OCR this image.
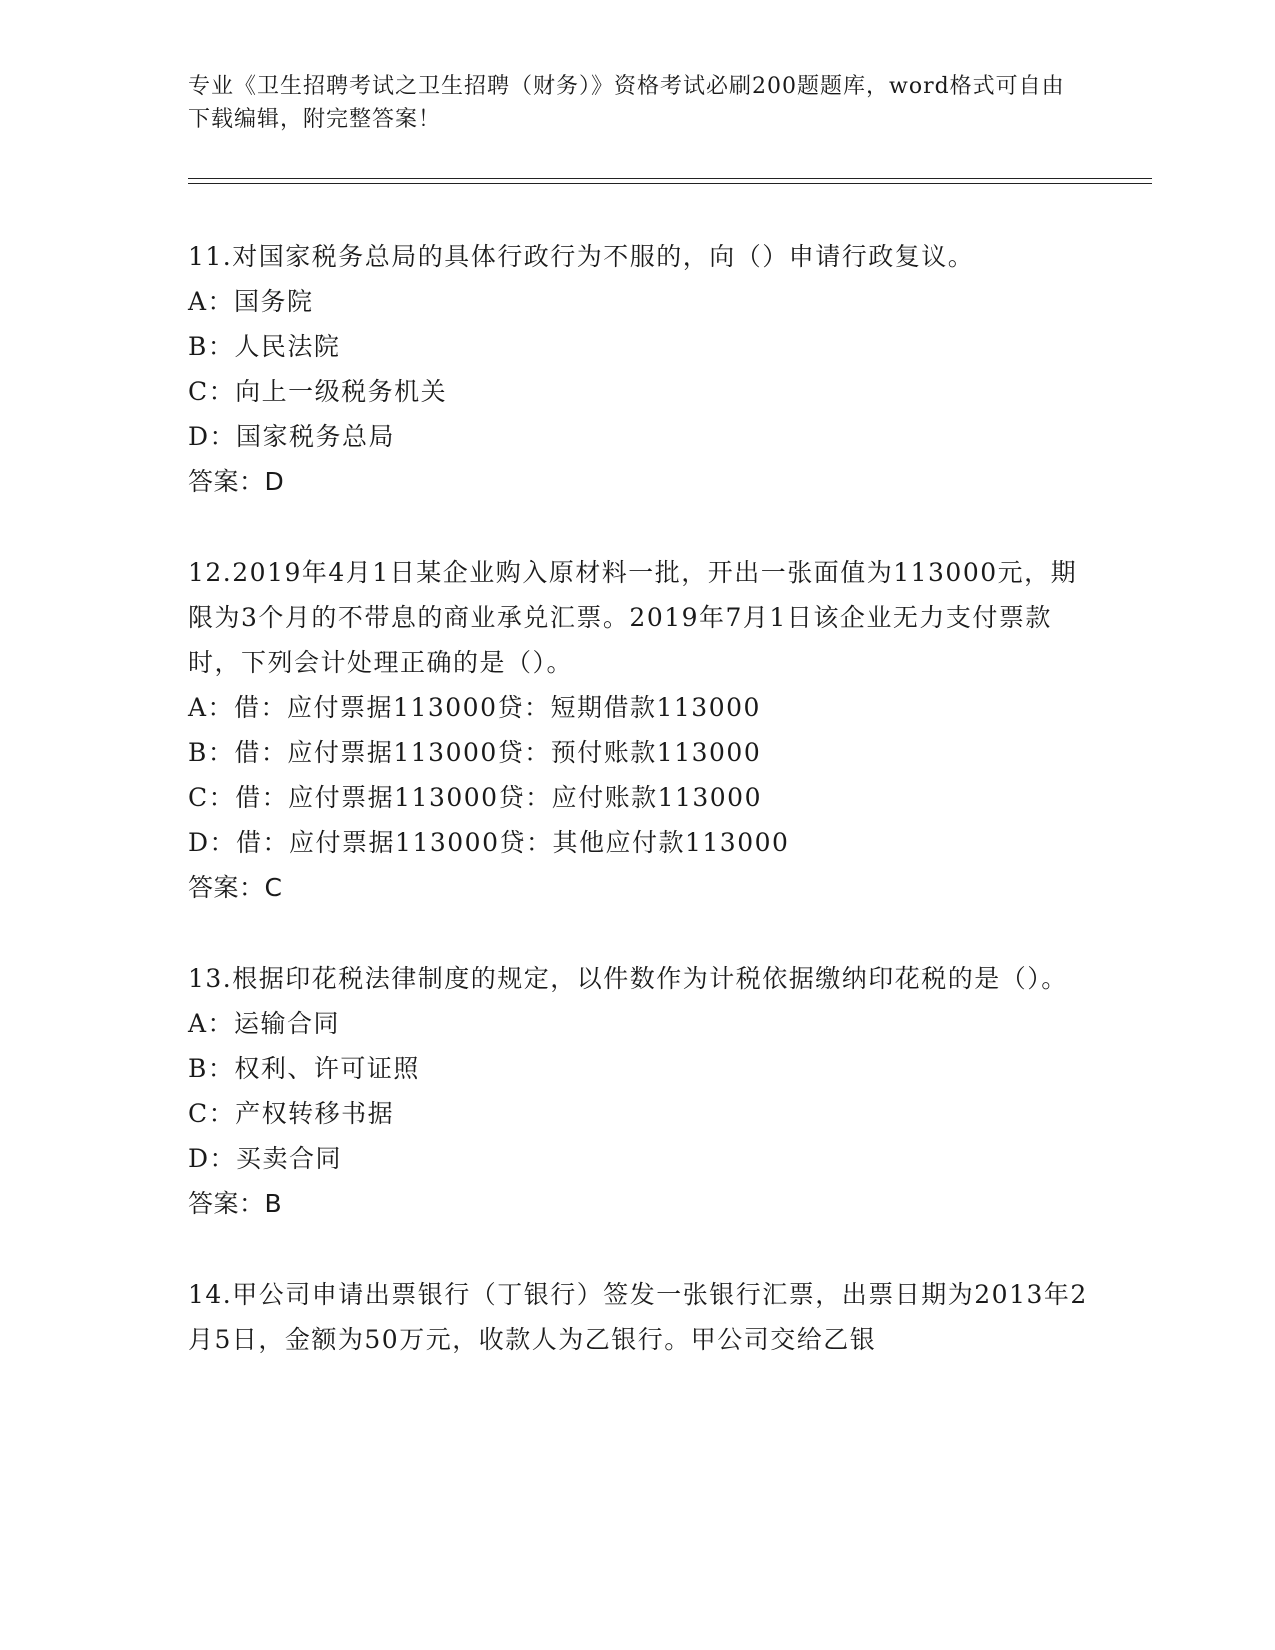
专业《卫生招聘考试之卫生招聘（财务）》资格考试必刷200题题库，word格式可自由下载编辑，附完整答案！

11.对国家税务总局的具体行政行为不服的，向（）申请行政复议。

A：国务院

B：人民法院

C：向上一级税务机关

D：国家税务总局

答案：D

12.2019年4月1日某企业购入原材料一批，开出一张面值为113000元，期限为3个月的不带息的商业承兑汇票。2019年7月1日该企业无力支付票款时，下列会计处理正确的是（）。

A：借：应付票据113000贷：短期借款113000

B：借：应付票据113000贷：预付账款113000

C：借：应付票据113000贷：应付账款113000

D：借：应付票据113000贷：其他应付款113000

答案：C

13.根据印花税法律制度的规定，以件数作为计税依据缴纳印花税的是（）。

A：运输合同

B：权利、许可证照

C：产权转移书据

D：买卖合同

答案：B

14.甲公司申请出票银行（丁银行）签发一张银行汇票，出票日期为2013年2月5日，金额为50万元，收款人为乙银行。甲公司交给乙银
